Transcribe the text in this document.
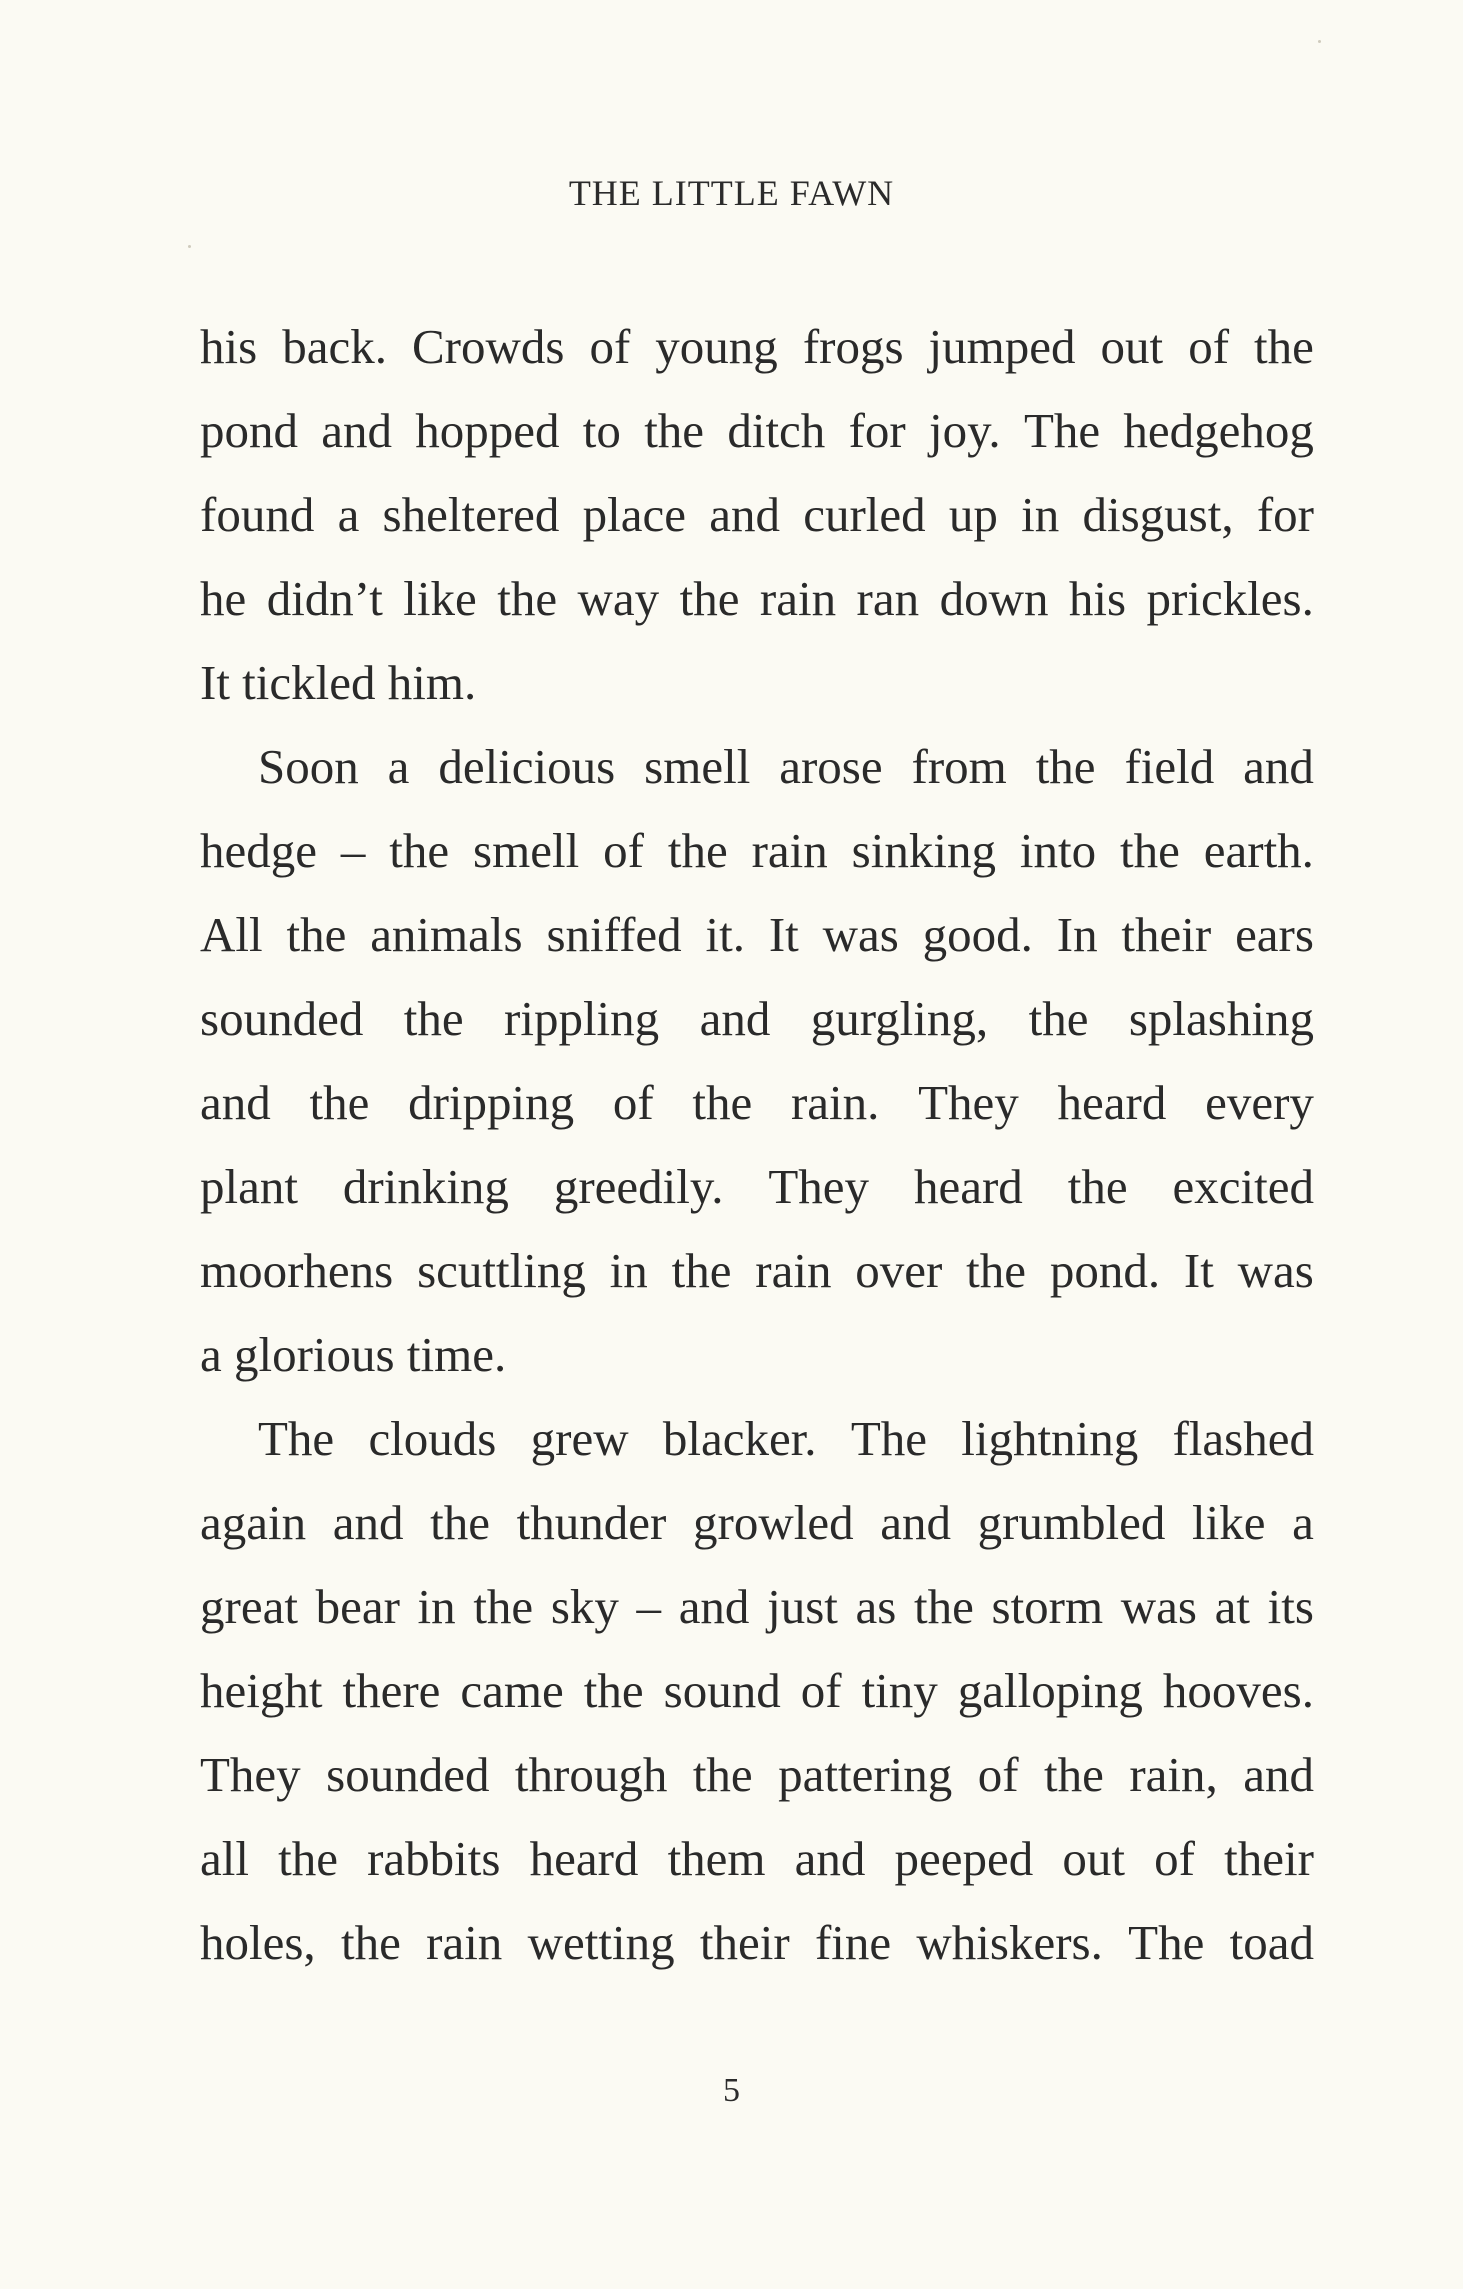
THE LITTLE FAWN
his back. Crowds of young frogs jumped out of the
pond and hopped to the ditch for joy. The hedgehog
found a sheltered place and curled up in disgust, for
he didn’t like the way the rain ran down his prickles.
It tickled him.
Soon a delicious smell arose from the field and
hedge – the smell of the rain sinking into the earth.
All the animals sniffed it. It was good. In their ears
sounded the rippling and gurgling, the splashing
and the dripping of the rain. They heard every
plant drinking greedily. They heard the excited
moorhens scuttling in the rain over the pond. It was
a glorious time.
The clouds grew blacker. The lightning flashed
again and the thunder growled and grumbled like a
great bear in the sky – and just as the storm was at its
height there came the sound of tiny galloping hooves.
They sounded through the pattering of the rain, and
all the rabbits heard them and peeped out of their
holes, the rain wetting their fine whiskers. The toad
5
